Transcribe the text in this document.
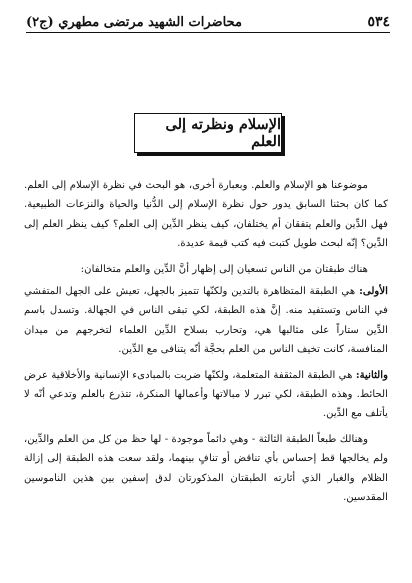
٥٣٤
محاضرات الشهيد مرتضى مطهري (ج٢)
الإسلام ونظرته إلى العلم

موضوعنا هو الإسلام والعلم. وبعبارة أخرى، هو البحث في نظرة الإسلام إلى العلم. كما كان بحثنا السابق يدور حول نظرة الإسلام إلى الدُّنيا والحياة والنزعات الطبيعية. فهل الدِّين والعلم يتفقان أم يختلفان، كيف ينظر الدِّين إلى العلم؟ كيف ينظر العلم إلى الدِّين؟ إنّه لبحث طويل كتبت فيه كتب قيمة عديدة.

هناك طبقتان من الناس تسعيان إلى إظهار أنَّ الدِّين والعلم متخالفان:

الأولى: هي الطبقة المتظاهرة بالتدين ولكنّها تتميز بالجهل، تعيش على الجهل المتفشي في الناس وتستفيد منه. إنَّ هذه الطبقة، لكي تبقى الناس في الجهالة. وتسدل باسم الدِّين ستاراً على مثالبها هي، وتحارب بسلاح الدِّين العلماء لتخرجهم من ميدان المنافسة، كانت تخيف الناس من العلم بحجَّة أنّه يتنافى مع الدِّين.

والثانية: هي الطبقة المثقفة المتعلمة، ولكنّها ضربت بالمبادىء الإنسانية والأخلاقية عرض الحائط. وهذه الطبقة، لكي تبرر لا مبالاتها وأعمالها المنكرة، تتذرع بالعلم وتدعي أنّه لا يأتلف مع الدِّين.

وهنالك طبعاً الطبقة الثالثة - وهي دائماً موجودة - لها حظ من كل من العلم والدِّين، ولم يخالجها قط إحساس بأي تناقض أو تنافٍ بينهما، ولقد سعت هذه الطبقة إلى إزالة الظلام والغبار الذي أثارته الطبقتان المذكورتان لدق إسفين بين هذين الناموسين المقدسين.
